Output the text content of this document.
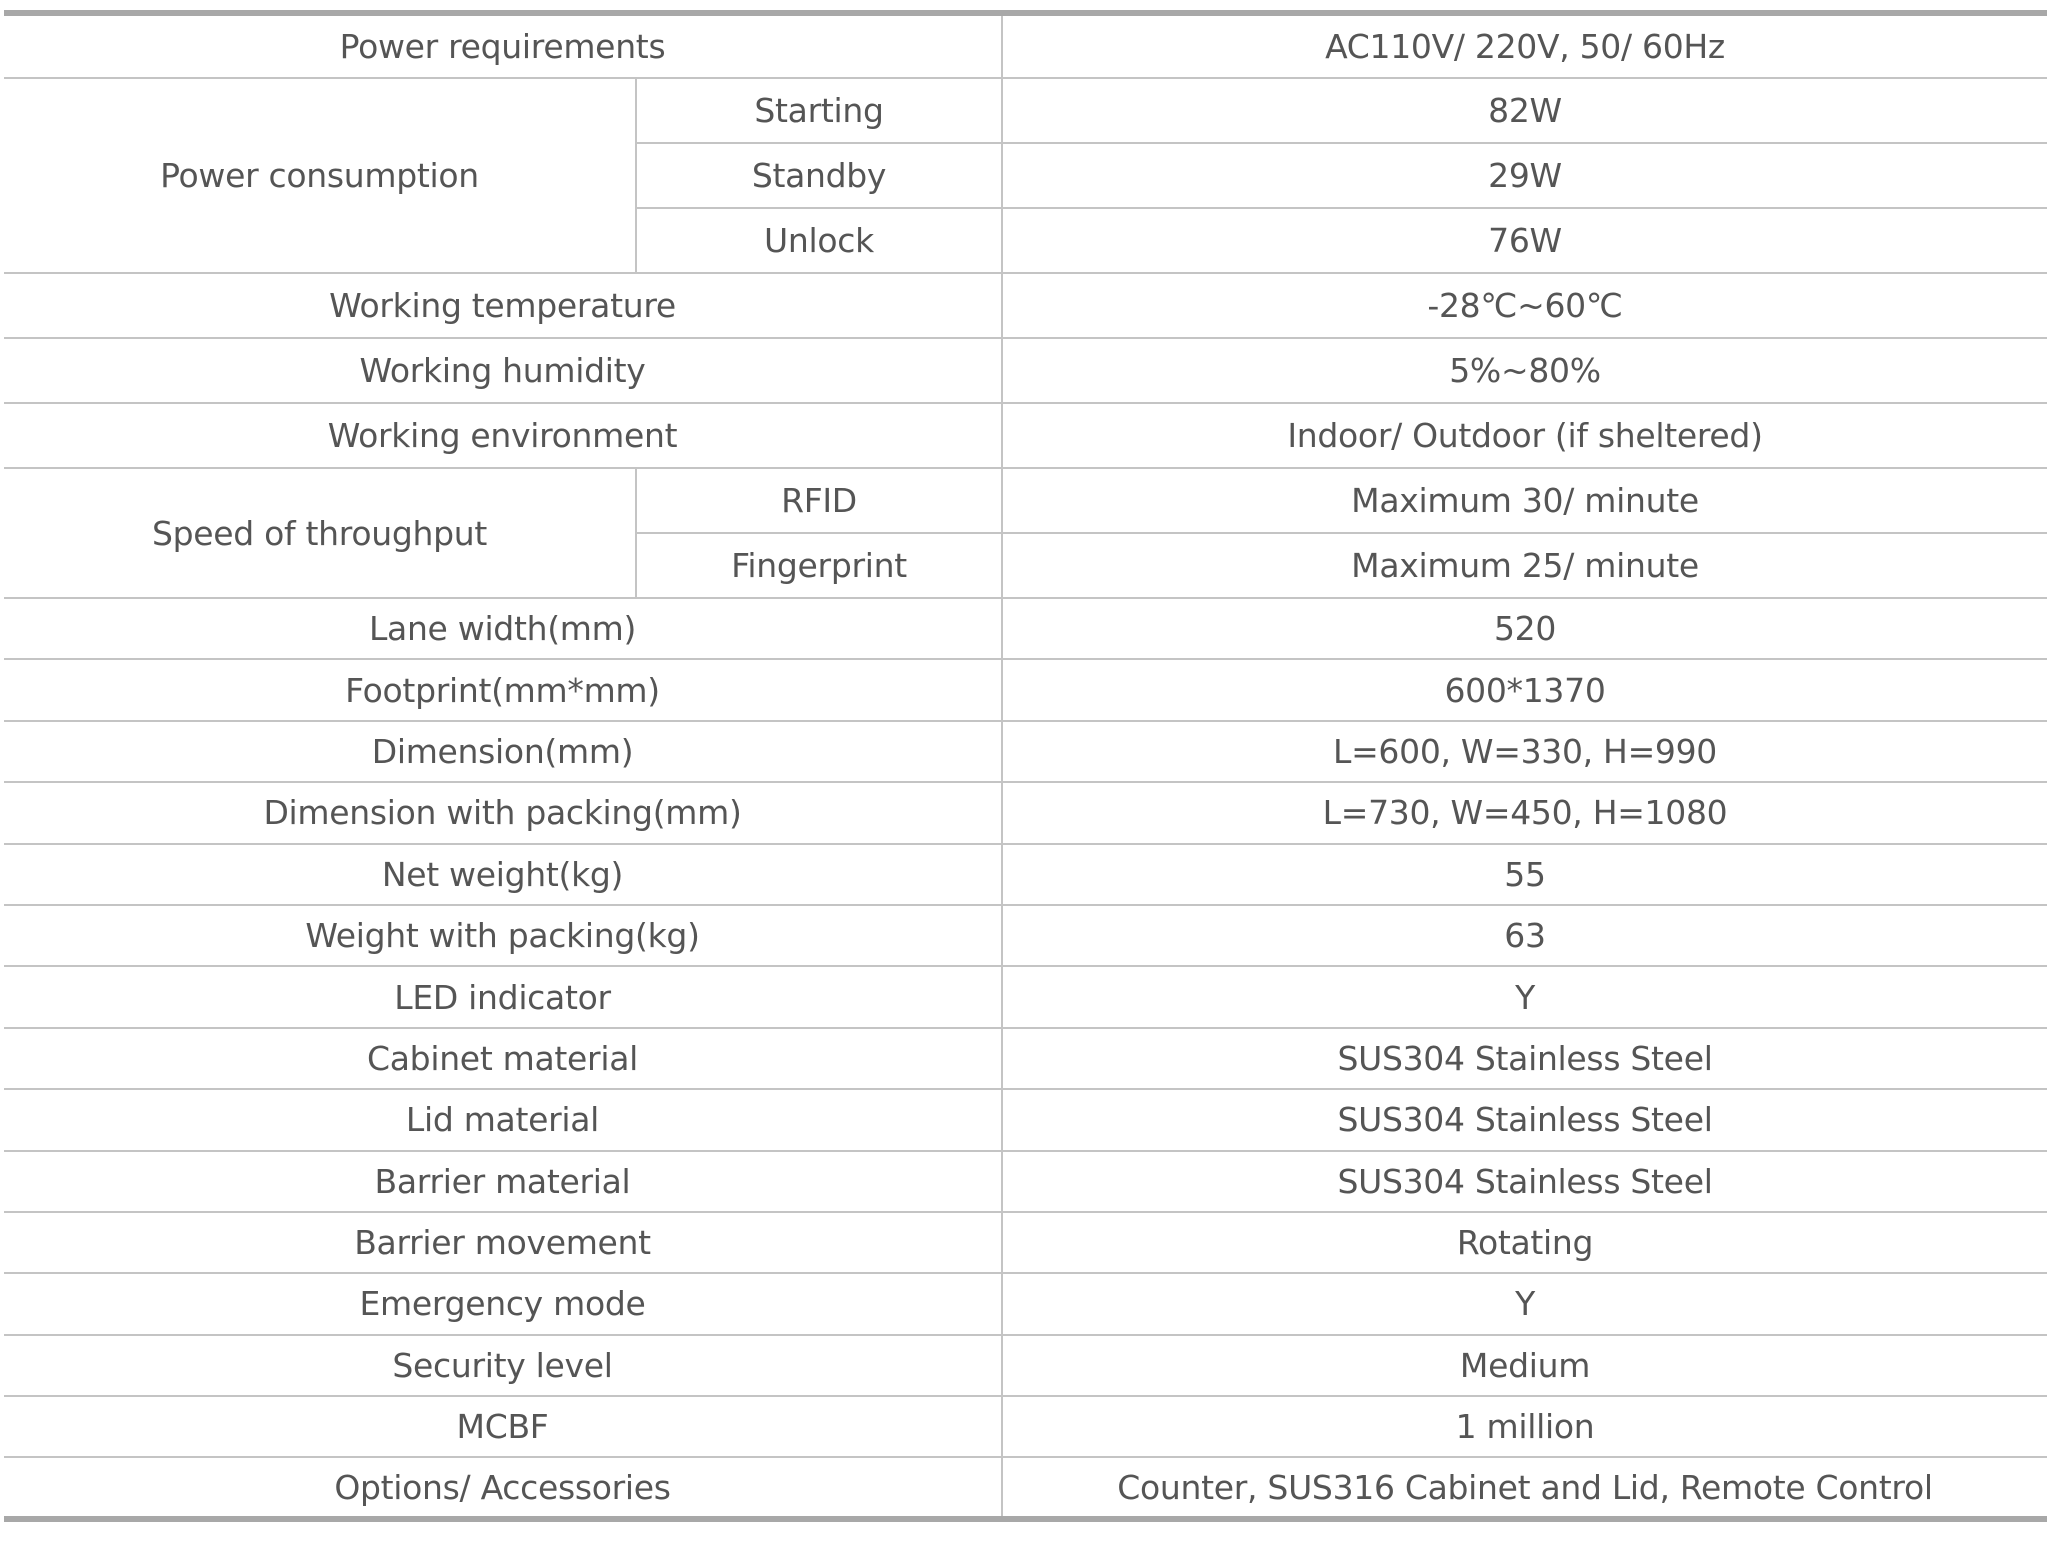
Power requirements		AC110V/ 220V, 50/ 60Hz
Power consumption	Starting	82W
	Standby	29W
	Unlock	76W
Working temperature		-28℃~60℃
Working humidity		5%~80%
Working environment		Indoor/ Outdoor (if sheltered)
Speed of throughput	RFID	Maximum 30/ minute
	Fingerprint	Maximum 25/ minute
Lane width(mm)		520
Footprint(mm*mm)		600*1370
Dimension(mm)		L=600, W=330, H=990
Dimension with packing(mm)		L=730, W=450, H=1080
Net weight(kg)		55
Weight with packing(kg)		63
LED indicator		Y
Cabinet material		SUS304 Stainless Steel
Lid material		SUS304 Stainless Steel
Barrier material		SUS304 Stainless Steel
Barrier movement		Rotating
Emergency mode		Y
Security level		Medium
MCBF		1 million
Options/ Accessories		Counter, SUS316 Cabinet and Lid, Remote Control
